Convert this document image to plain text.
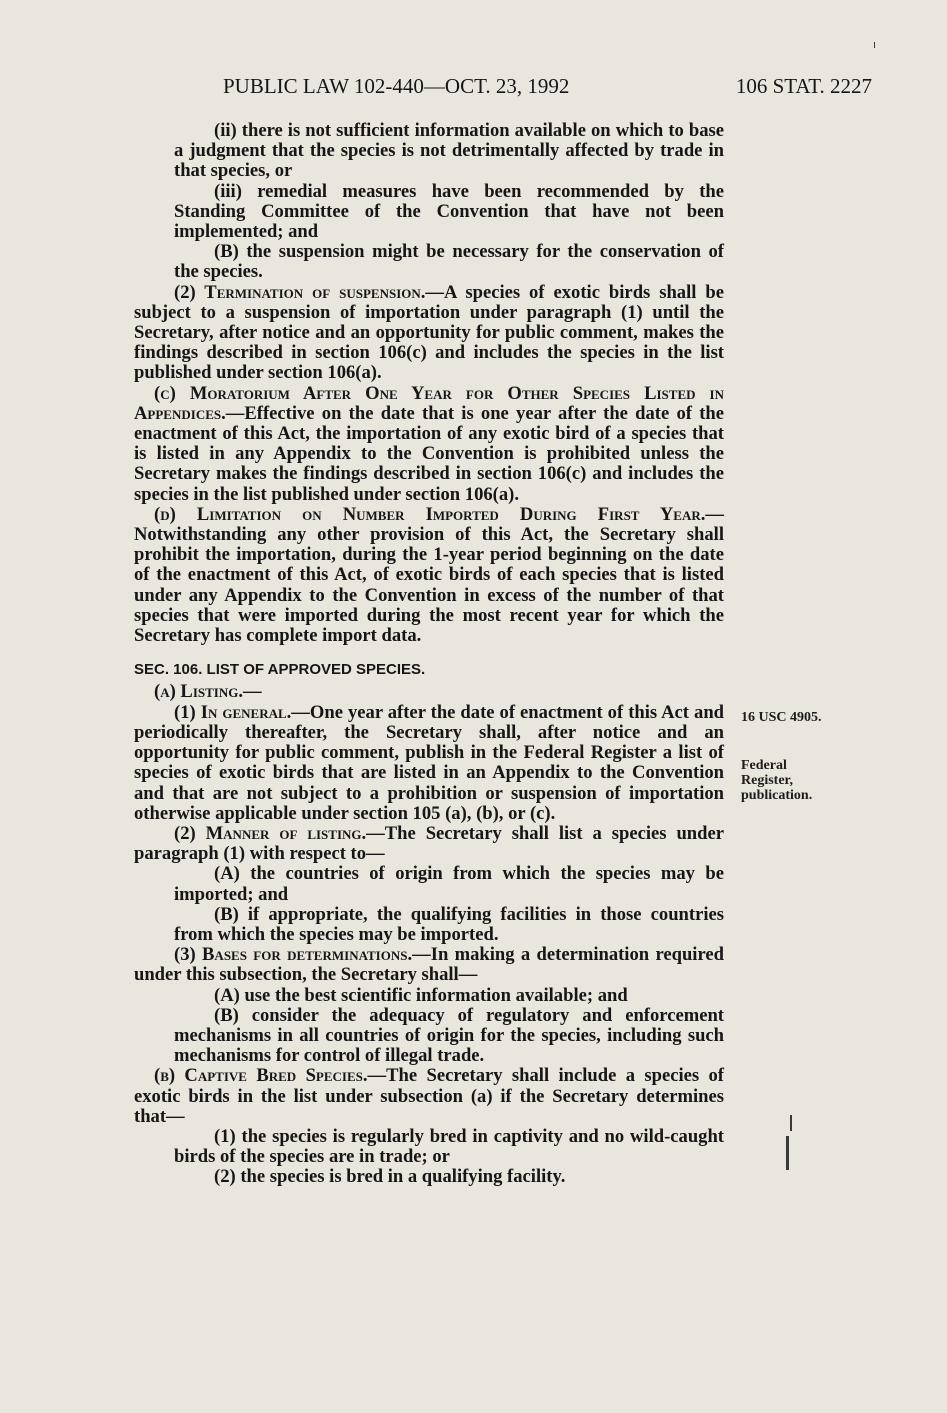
PUBLIC LAW 102-440—OCT. 23, 1992	106 STAT. 2227

(ii) there is not sufficient information available on which to base a judgment that the species is not detrimentally affected by trade in that species, or

(iii) remedial measures have been recommended by the Standing Committee of the Convention that have not been implemented; and

(B) the suspension might be necessary for the conservation of the species.

(2) Termination of suspension.—A species of exotic birds shall be subject to a suspension of importation under paragraph (1) until the Secretary, after notice and an opportunity for public comment, makes the findings described in section 106(c) and includes the species in the list published under section 106(a).

(c) Moratorium After One Year for Other Species Listed in Appendices.—Effective on the date that is one year after the date of the enactment of this Act, the importation of any exotic bird of a species that is listed in any Appendix to the Convention is prohibited unless the Secretary makes the findings described in section 106(c) and includes the species in the list published under section 106(a).

(d) Limitation on Number Imported During First Year.—Notwithstanding any other provision of this Act, the Secretary shall prohibit the importation, during the 1-year period beginning on the date of the enactment of this Act, of exotic birds of each species that is listed under any Appendix to the Convention in excess of the number of that species that were imported during the most recent year for which the Secretary has complete import data.

SEC. 106. LIST OF APPROVED SPECIES.

(a) Listing.—

(1) In general.—One year after the date of enactment of this Act and periodically thereafter, the Secretary shall, after notice and an opportunity for public comment, publish in the Federal Register a list of species of exotic birds that are listed in an Appendix to the Convention and that are not subject to a prohibition or suspension of importation otherwise applicable under section 105 (a), (b), or (c).

(2) Manner of listing.—The Secretary shall list a species under paragraph (1) with respect to—

(A) the countries of origin from which the species may be imported; and

(B) if appropriate, the qualifying facilities in those countries from which the species may be imported.

(3) Bases for determinations.—In making a determination required under this subsection, the Secretary shall—

(A) use the best scientific information available; and

(B) consider the adequacy of regulatory and enforcement mechanisms in all countries of origin for the species, including such mechanisms for control of illegal trade.

(b) Captive Bred Species.—The Secretary shall include a species of exotic birds in the list under subsection (a) if the Secretary determines that—

(1) the species is regularly bred in captivity and no wild-caught birds of the species are in trade; or

(2) the species is bred in a qualifying facility.

16 USC 4905.
Federal
Register,
publication.
